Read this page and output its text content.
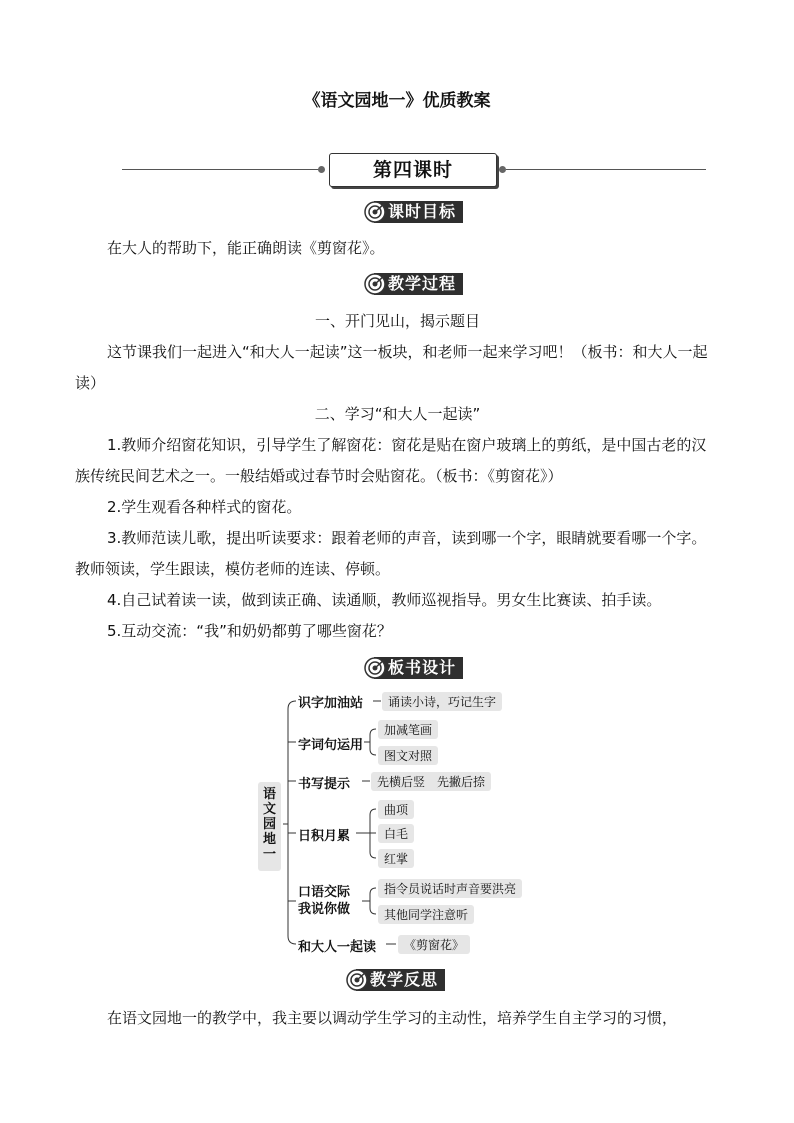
《语文园地一》优质教案
第四课时
课时目标
在大人的帮助下，能正确朗读《剪窗花》。
教学过程
一、开门见山，揭示题目
这节课我们一起进入“和大人一起读”这一板块，和老师一起来学习吧！（板书：和大人一起读）
二、学习“和大人一起读”
1.教师介绍窗花知识，引导学生了解窗花：窗花是贴在窗户玻璃上的剪纸，是中国古老的汉族传统民间艺术之一。一般结婚或过春节时会贴窗花。（板书：《剪窗花》）
2.学生观看各种样式的窗花。
3.教师范读儿歌，提出听读要求：跟着老师的声音，读到哪一个字，眼睛就要看哪一个字。教师领读，学生跟读，模仿老师的连读、停顿。
4.自己试着读一读，做到读正确、读通顺，教师巡视指导。男女生比赛读、拍手读。
5.互动交流：“我”和奶奶都剪了哪些窗花？
板书设计
语文园地一
识字加油站	诵读小诗，巧记生字
字词句运用
加减笔画
图文对照
书写提示	先横后竖　先撇后捺
日积月累
曲项
白毛
红掌
口语交际
我说你做
指令员说话时声音要洪亮
其他同学注意听
和大人一起读	《剪窗花》
教学反思
在语文园地一的教学中，我主要以调动学生学习的主动性，培养学生自主学习的习惯，
